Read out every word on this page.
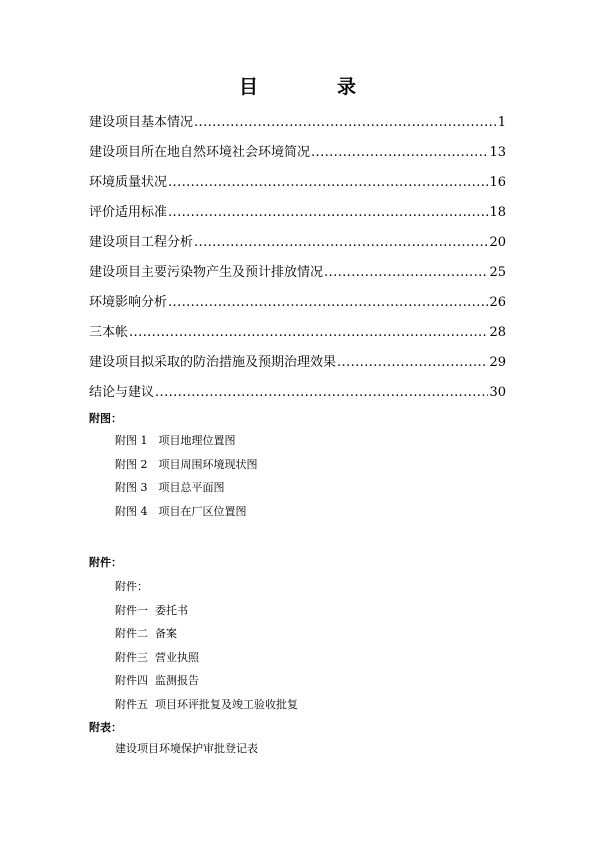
目　录
建设项目基本情况 .....	1
建设项目所在地自然环境社会环境简况 .....	13
环境质量状况 .....	16
评价适用标准 .....	18
建设项目工程分析 .....	20
建设项目主要污染物产生及预计排放情况 .....	25
环境影响分析 .....	26
三本帐 .....	28
建设项目拟采取的防治措施及预期治理效果 .....	29
结论与建议 .....	30
附图：
附图 1　项目地理位置图
附图 2　项目周围环境现状图
附图 3　项目总平面图
附图 4　项目在厂区位置图
附件：
附件：
附件一  委托书
附件二  备案
附件三  营业执照
附件四  监测报告
附件五  项目环评批复及竣工验收批复
附表：
建设项目环境保护审批登记表
